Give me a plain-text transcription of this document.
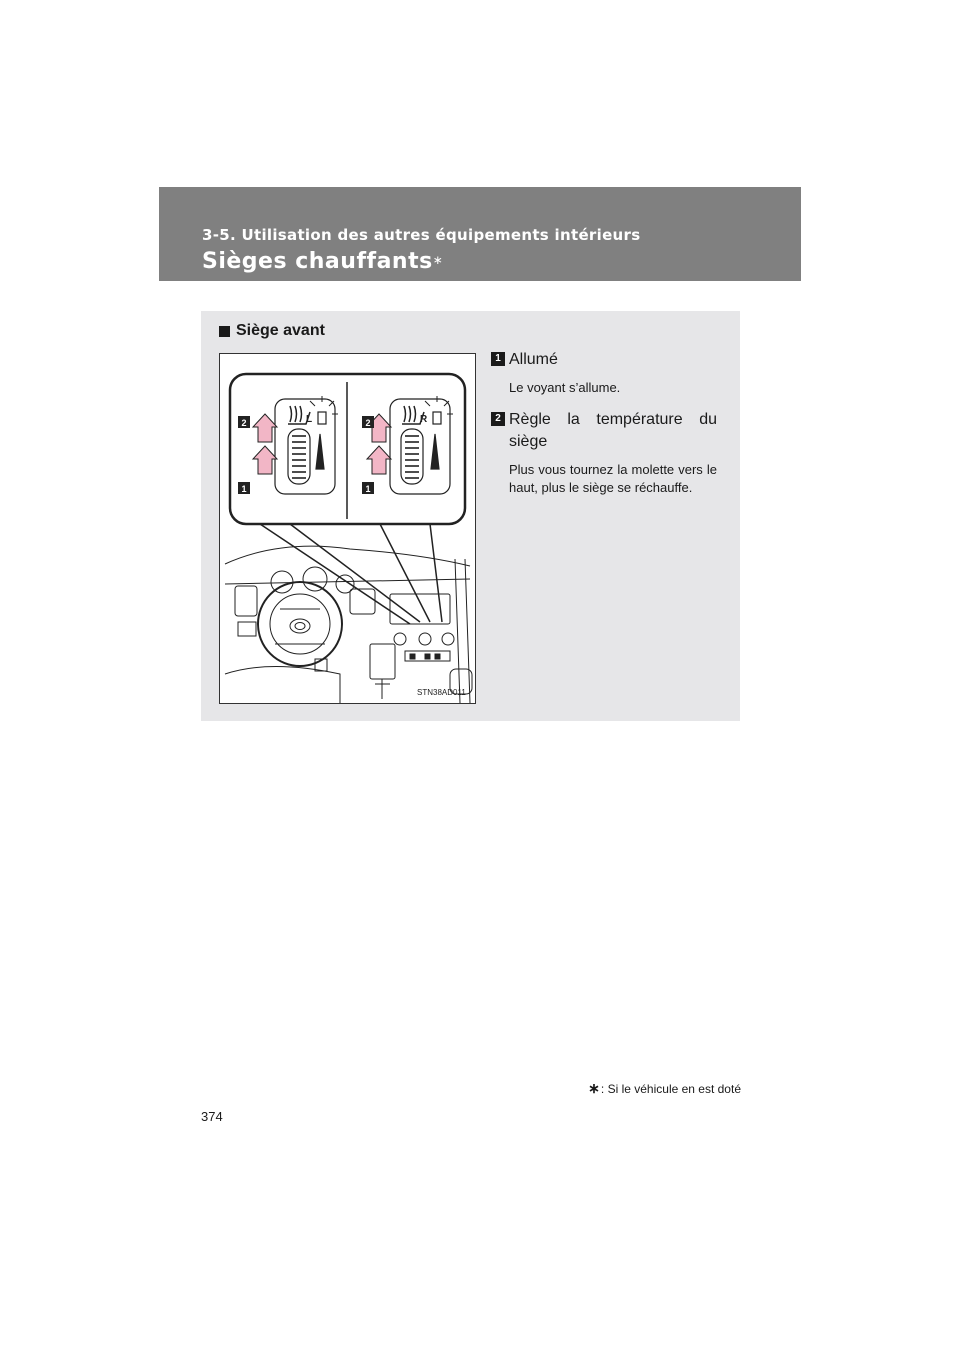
3-5. Utilisation des autres équipements intérieurs
Sièges chauffants∗
Siège avant
L	R
2
1
2
1
STN38AD011
1 Allumé
Le voyant s’allume.
2 Règle la température du siège
Plus vous tournez la molette vers le haut, plus le siège se réchauffe.
∗ : Si le véhicule en est doté
374
